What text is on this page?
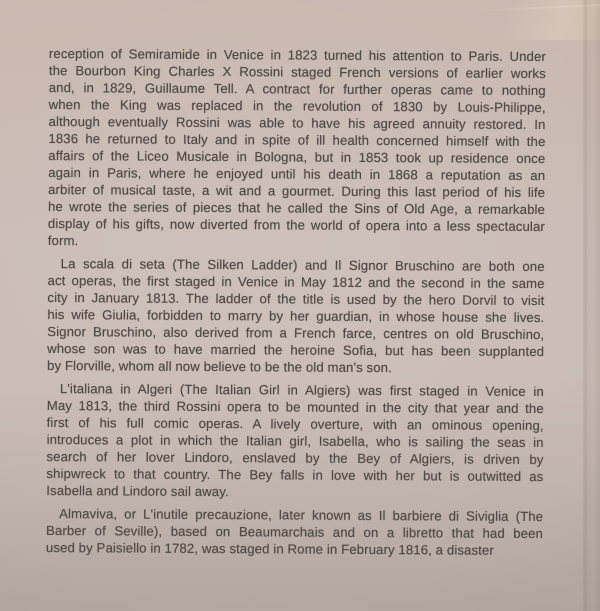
reception of Semiramide in Venice in 1823 turned his attention to Paris. Under
the Bourbon King Charles X Rossini staged French versions of earlier works
and, in 1829, Guillaume Tell. A contract for further operas came to nothing
when the King was replaced in the revolution of 1830 by Louis-Philippe,
although eventually Rossini was able to have his agreed annuity restored. In
1836 he returned to Italy and in spite of ill health concerned himself with the
affairs of the Liceo Musicale in Bologna, but in 1853 took up residence once
again in Paris, where he enjoyed until his death in 1868 a reputation as an
arbiter of musical taste, a wit and a gourmet. During this last period of his life
he wrote the series of pieces that he called the Sins of Old Age, a remarkable
display of his gifts, now diverted from the world of opera into a less spectacular
form.
La scala di seta (The Silken Ladder) and Il Signor Bruschino are both one
act operas, the first staged in Venice in May 1812 and the second in the same
city in January 1813. The ladder of the title is used by the hero Dorvil to visit
his wife Giulia, forbidden to marry by her guardian, in whose house she lives.
Signor Bruschino, also derived from a French farce, centres on old Bruschino,
whose son was to have married the heroine Sofia, but has been supplanted
by Florville, whom all now believe to be the old man's son.
L'italiana in Algeri (The Italian Girl in Algiers) was first staged in Venice in
May 1813, the third Rossini opera to be mounted in the city that year and the
first of his full comic operas. A lively overture, with an ominous opening,
introduces a plot in which the Italian girl, Isabella, who is sailing the seas in
search of her lover Lindoro, enslaved by the Bey of Algiers, is driven by
shipwreck to that country. The Bey falls in love with her but is outwitted as
Isabella and Lindoro sail away.
Almaviva, or L'inutile precauzione, later known as Il barbiere di Siviglia (The
Barber of Seville), based on Beaumarchais and on a libretto that had been
used by Paisiello in 1782, was staged in Rome in February 1816, a disaster
